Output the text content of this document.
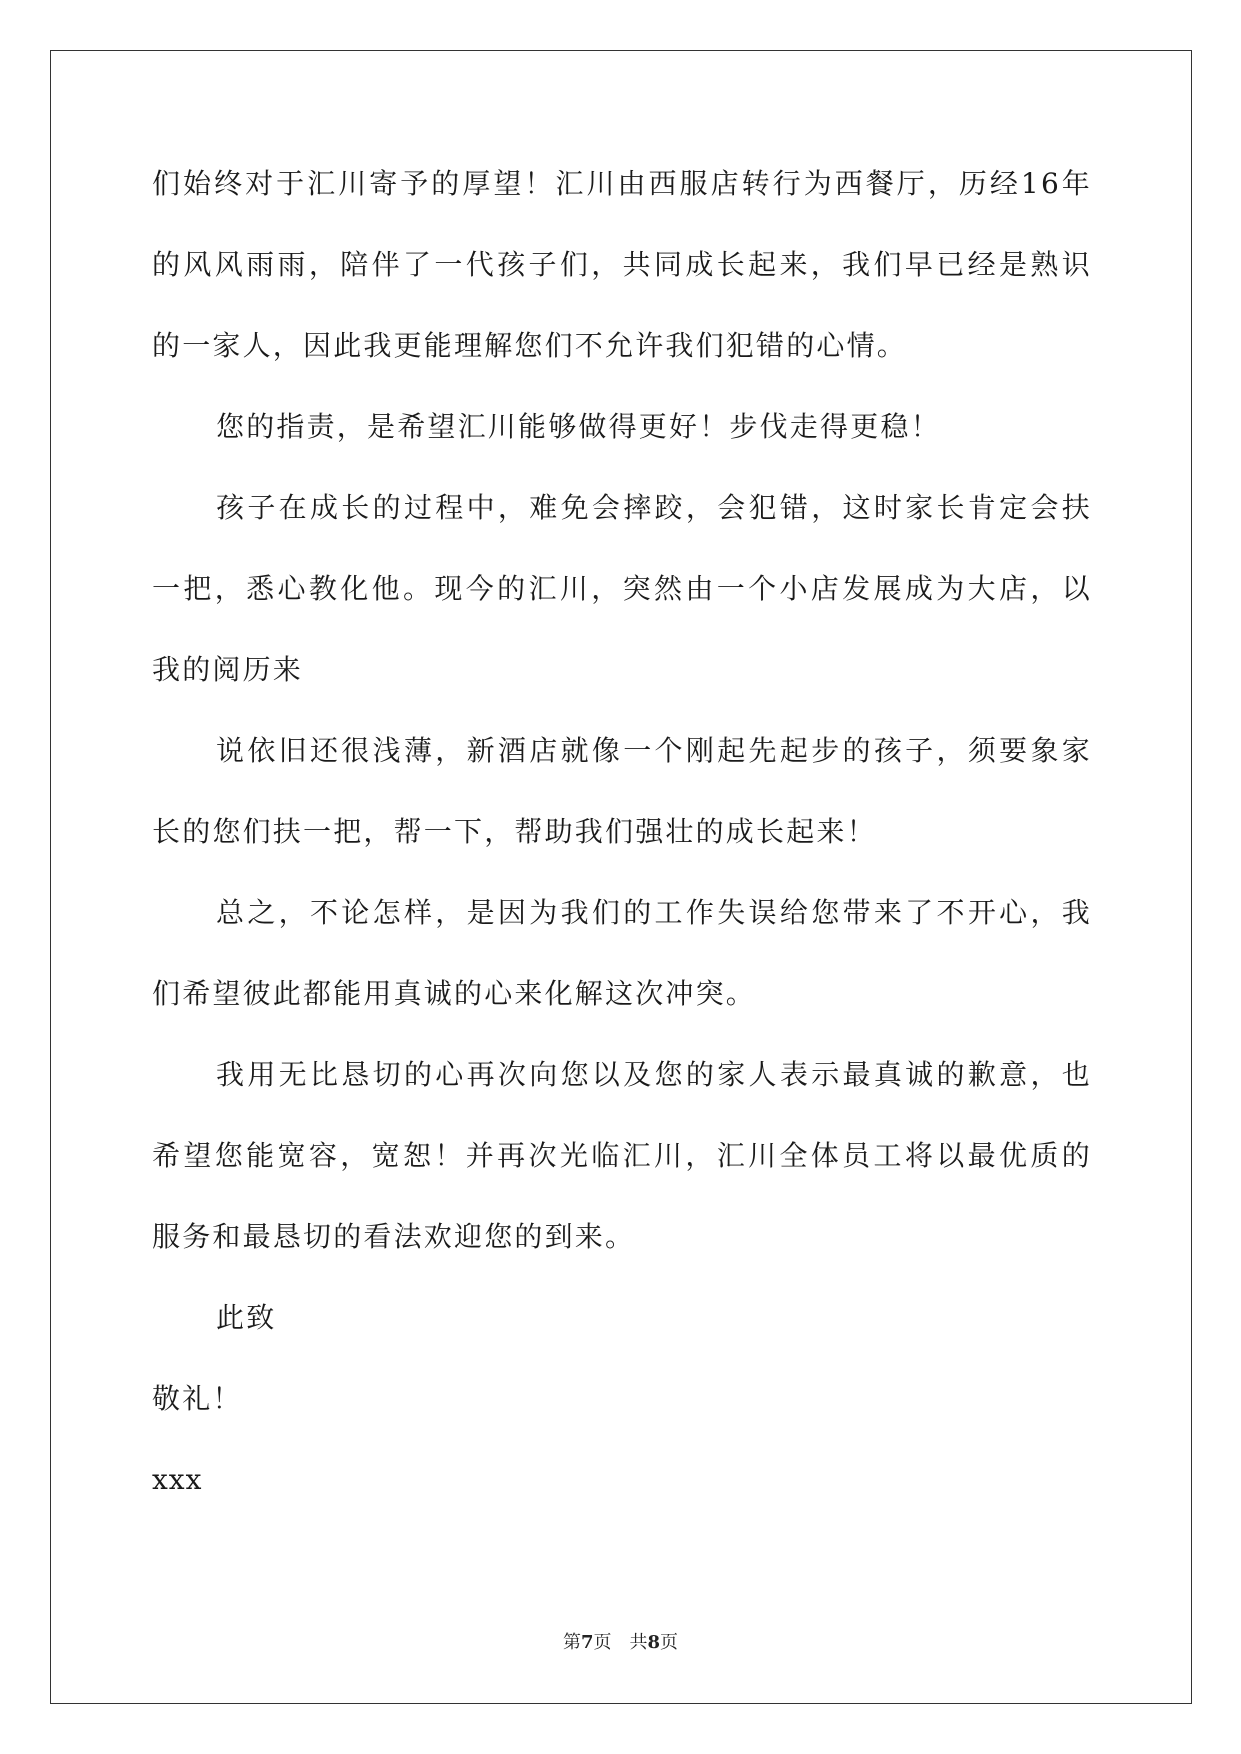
们始终对于汇川寄予的厚望！汇川由西服店转行为西餐厅，历经16年
的风风雨雨，陪伴了一代孩子们，共同成长起来，我们早已经是熟识
的一家人，因此我更能理解您们不允许我们犯错的心情。
您的指责，是希望汇川能够做得更好！步伐走得更稳！
孩子在成长的过程中，难免会摔跤，会犯错，这时家长肯定会扶
一把，悉心教化他。现今的汇川，突然由一个小店发展成为大店，以
我的阅历来
说依旧还很浅薄，新酒店就像一个刚起先起步的孩子，须要象家
长的您们扶一把，帮一下，帮助我们强壮的成长起来！
总之，不论怎样，是因为我们的工作失误给您带来了不开心，我
们希望彼此都能用真诚的心来化解这次冲突。
我用无比恳切的心再次向您以及您的家人表示最真诚的歉意，也
希望您能宽容，宽恕！并再次光临汇川，汇川全体员工将以最优质的
服务和最恳切的看法欢迎您的到来。
此致
敬礼！
xxx
第7页 共8页
